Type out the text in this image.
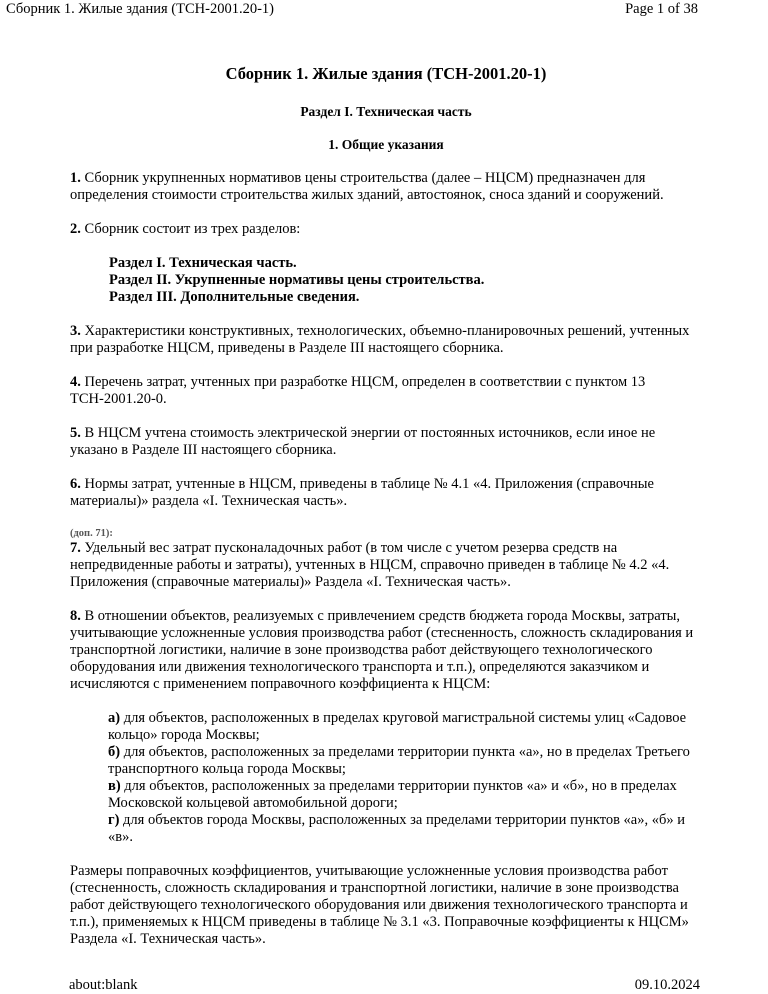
Сборник 1. Жилые здания (ТСН-2001.20-1)	Page 1 of 38
Сборник 1. Жилые здания (ТСН-2001.20-1)
Раздел I. Техническая часть
1. Общие указания

1. Сборник укрупненных нормативов цены строительства (далее – НЦСМ) предназначен для определения стоимости строительства жилых зданий, автостоянок, сноса зданий и сооружений.

2. Сборник состоит из трех разделов:

Раздел I. Техническая часть.
Раздел II. Укрупненные нормативы цены строительства.
Раздел III. Дополнительные сведения.

3. Характеристики конструктивных, технологических, объемно-планировочных решений, учтенных при разработке НЦСМ, приведены в Разделе III настоящего сборника.

4. Перечень затрат, учтенных при разработке НЦСМ, определен в соответствии с пунктом 13 ТСН-2001.20-0.

5. В НЦСМ учтена стоимость электрической энергии от постоянных источников, если иное не указано в Разделе III настоящего сборника.

6. Нормы затрат, учтенные в НЦСМ, приведены в таблице № 4.1 «4. Приложения (справочные материалы)» раздела «I. Техническая часть».

(доп. 71):

7. Удельный вес затрат пусконаладочных работ (в том числе с учетом резерва средств на непредвиденные работы и затраты), учтенных в НЦСМ, справочно приведен в таблице № 4.2 «4. Приложения (справочные материалы)» Раздела «I. Техническая часть».

8. В отношении объектов, реализуемых с привлечением средств бюджета города Москвы, затраты, учитывающие усложненные условия производства работ (стесненность, сложность складирования и транспортной логистики, наличие в зоне производства работ действующего технологического оборудования или движения технологического транспорта и т.п.), определяются заказчиком и исчисляются с применением поправочного коэффициента к НЦСМ:

а) для объектов, расположенных в пределах круговой магистральной системы улиц «Садовое кольцо» города Москвы;
б) для объектов, расположенных за пределами территории пункта «а», но в пределах Третьего транспортного кольца города Москвы;
в) для объектов, расположенных за пределами территории пунктов «а» и «б», но в пределах Московской кольцевой автомобильной дороги;
г) для объектов города Москвы, расположенных за пределами территории пунктов «а», «б» и «в».

Размеры поправочных коэффициентов, учитывающие усложненные условия производства работ (стесненность, сложность складирования и транспортной логистики, наличие в зоне производства работ действующего технологического оборудования или движения технологического транспорта и т.п.), применяемых к НЦСМ приведены в таблице № 3.1 «3. Поправочные коэффициенты к НЦСМ» Раздела «I. Техническая часть».

about:blank	09.10.2024
